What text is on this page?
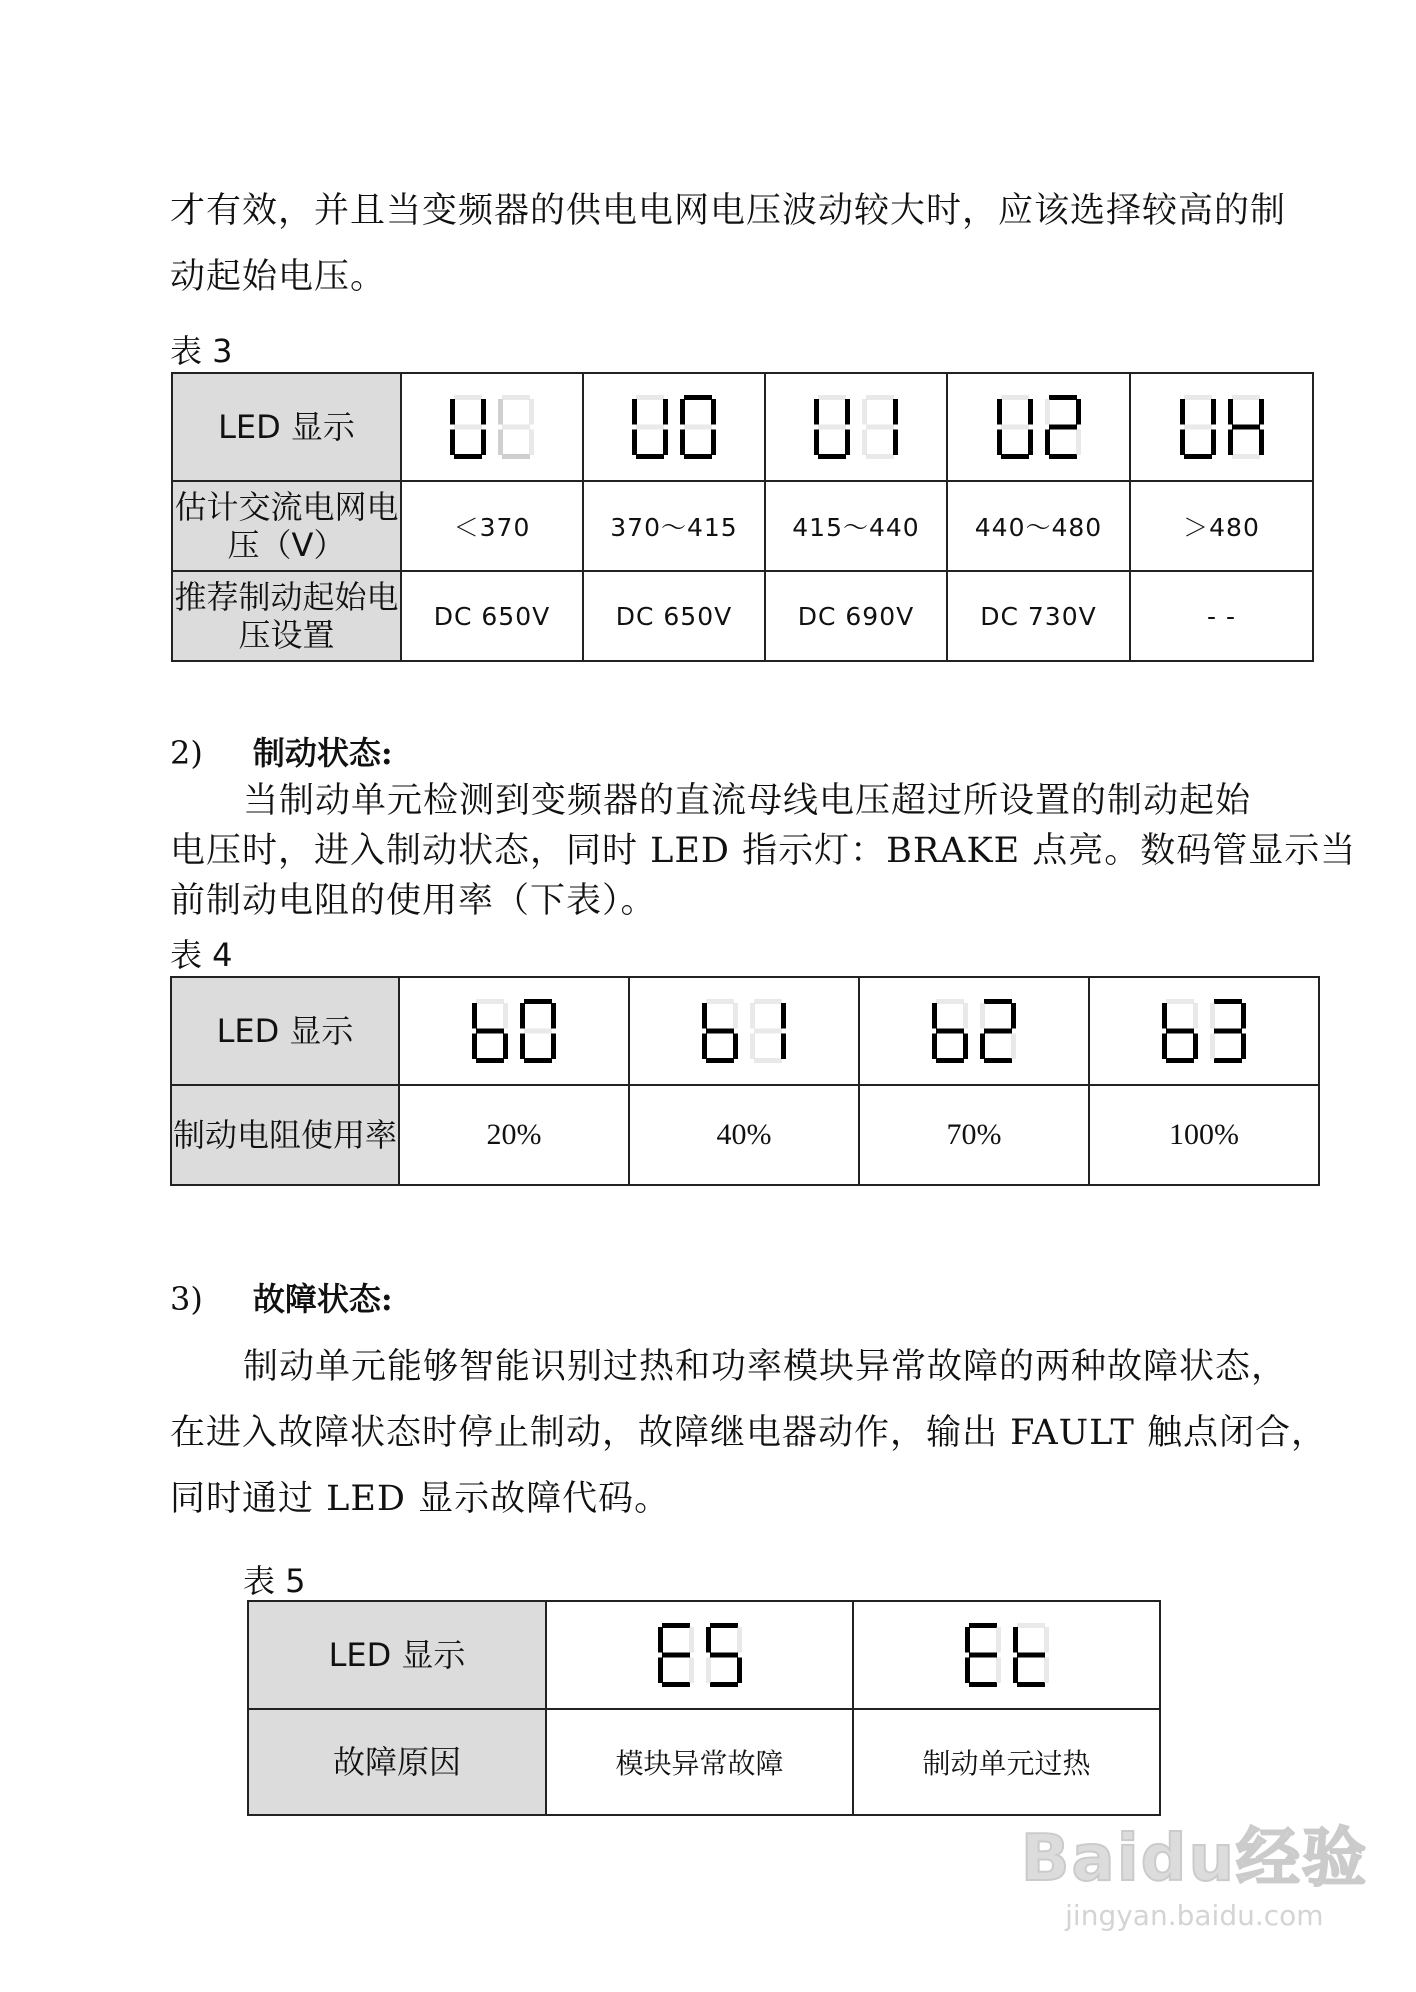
才有效，并且当变频器的供电电网电压波动较大时，应该选择较高的制

动起始电压。

表 3
LED 显示	

估计交流电网电压（V）	＜370	370～415	415～440	440～480	＞480
推荐制动起始电压设置	DC 650V	DC 650V	DC 690V	DC 730V	- -
2) 制动状态:

当制动单元检测到变频器的直流母线电压超过所设置的制动起始

电压时，进入制动状态，同时 LED 指示灯：BRAKE 点亮。数码管显示当

前制动电阻的使用率（下表）。

表 4
LED 显示	

制动电阻使用率	20%	40%	70%	100%
3) 故障状态:

制动单元能够智能识别过热和功率模块异常故障的两种故障状态，

在进入故障状态时停止制动，故障继电器动作，输出 FAULT 触点闭合，

同时通过 LED 显示故障代码。

表 5
LED 显示	

故障原因	模块异常故障	制动单元过热
Baidu经验
jingyan.baidu.com
